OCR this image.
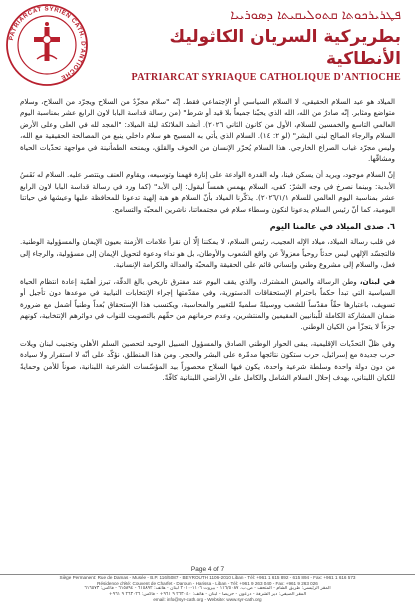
PATRIARCAT SYRIEN CATH. D'ANTIOCHE
ܦܛܪܝܪܟܘܬܐ ܩܬܘܠܝܩܝܬܐ ܕܣܘܪܝܝܐ
بطريركية السريان الكاثوليك الأنطاكية
PATRIARCAT SYRIAQUE CATHOLIQUE D'ANTIOCHE

الميلاد هو عيد السلام الحقيقي، لا السلام السياسي أو الإجتماعي فقط. إنّه "سلام مجزّدٌ من السلاح ويجرّد من السلاح، وسلام متواضع ومثابر. إنّه صادرٌ من الله، الله الذي يحبّنا جميعاً بلا قيد أو شرط" (من رسالة قداسة البابا لاون الرابع عشر بمناسبة اليوم العالمي التاسع والخمسين للسلام، الأول من كانون الثاني ٢٠٢٦). أنشد الملائكة ليلة الميلاد: "المجد لله في العلى وعلى الأرض السلام والرجاء الصالح لبني البشر" (لو ٢: ١٤). السلام الذي يأتي به المسيح هو سلام داخلي ينبع من المصالحة الحقيقية مع الله، وليس مجرّد غياب الصراع الخارجي. هذا السلام يُحرّر الإنسان من الخوف والقلق، ويمنحه الطمأنينة في مواجهة تحدّيات الحياة ومشاقّها.

إنّ السلام موجود، ويريد أن يسكن فينا، وله القدرة الوادعة على إنارة فهمنا وتوسيعه، ويقاوم العنف ويتتصر عليه. السلام له نَفَسُ الأبدية: وبينما نصرخ في وجه الشرّ: كفى، السلام يهمس همساً ليقول: إلى الأبد" (كما ورد في رسالة قداسة البابا لاون الرابع عشر بمناسبة اليوم العالمي للسلام ٢٠٢٦/١/١). يذكّرنا الميلاد بأنّ السلام هو هبة إلهية تدعونا للمحافظة عليها وعيشها في حياتنا اليومية، كما أنّ رئيس السلام يدعونا لنكون وسطاء سلام في مجتمعاتنا، ناشرين المحبّة والتسامح.

٦. صدى الميلاد في عالمنا اليوم

في قلب رسالة الميلاد، ميلاد الإله العجيب، رئيس السلام، لا يمكننا إلّا أن نقرأ علامات الأزمنة بعيون الإيمان والمسؤولية الوطنية. فالتجسّد الإلهي ليس حدثاً روحياً معزولاً عن واقع الشعوب والأوطان، بل هو نداء ودعوة لتحويل الإيمان إلى مسؤولية، والرجاء إلى فعل، والسلام إلى مشروع وطني وإنساني قائم على الحقيقة والمحبّة والعدالة والكرامة الإنسانية.

في لبنان، وطن الرسالة والعيش المشترك، والذي يقف اليوم عند مفترق تاريخي بالغ الدقّة، تبرز أهمّية إعادة انتظام الحياة السياسية التي تبدأ حكماً باحترام الإستحقاقات الدستورية، وفي مقدّمتها إجراء الإنتخابات النيابية في موعدها دون تأجيل أو تسويف، باعتبارها حقّاً مقدّساً للشعب ووسيلةً سلميةً للتغيير والمحاسبة، ويكتسب هذا الإستحقاق بُعداً وطنياً أشمل مع ضرورة ضمان المشاركة الكاملة للّبنانيين المقيمين والمنتشرين، وعدم حرمانهم من حقّهم بالتصويت للنواب في دوائرهم الإنتخابية، كونهم جزءاً لا يتجزّأ من الكيان الوطني.

وفي ظلّ التحدّيات الإقليمية، يبقى الحوار الوطني الصادق والمسؤول السبيل الوحيد لتحصين السلم الأهلي وتجنيب لبنان ويلات حرب جديدة مع إسرائيل، حرب ستكون نتائجها مدمّرة على البشر والحجر. ومن هذا المنطلق، نؤكّد على أنّه لا استقرار ولا سيادة من دون دولة واحدة وسلطة شرعية واحدة، يكون فيها السلاح محصوراً بيد المؤسّسات الشرعية اللبنانية، صوناً للأمن وحمايةً للكيان اللبناني، بهدف إحلال السلام الشامل والكامل على الأراضي اللبنانية كافّةً.

Page 4 of 7
Siège Permanent: Rue de Damas - Musée - B.P. 116/5087 - BEYROUTH 1106-2010 Liban - Tél: +961 1 615 892 - 615 894 - Fax: +961 1 616 573
Résidence d'été: Couvent de Charfet - Daroun - Harissa - Liban - Tél: +961 9 263 040 - Fax: +961 9 263 026
المقر الرئيسي: طريق الشام - المتحف - ص.ب. ١١٦/٥٠٨٧ - بيروت ١١٠٦-٢٠١٠ لبنان - هاتف: ٦١٥٨٩٢ - ٦١٥٨٩٤ - فاكس: ٦١٦٥٧٣
المقر الصيفي: دير الشرفة - درعون - حريصا - لبنان - هاتف: ٢٦٣٠٤٠ ٩ ٩٦١+ - فاكس: ٢٦٣٠٢٦ ٩ ٩٦١+
email: info@syr-cath.org - Website: www.syr-cath.org
